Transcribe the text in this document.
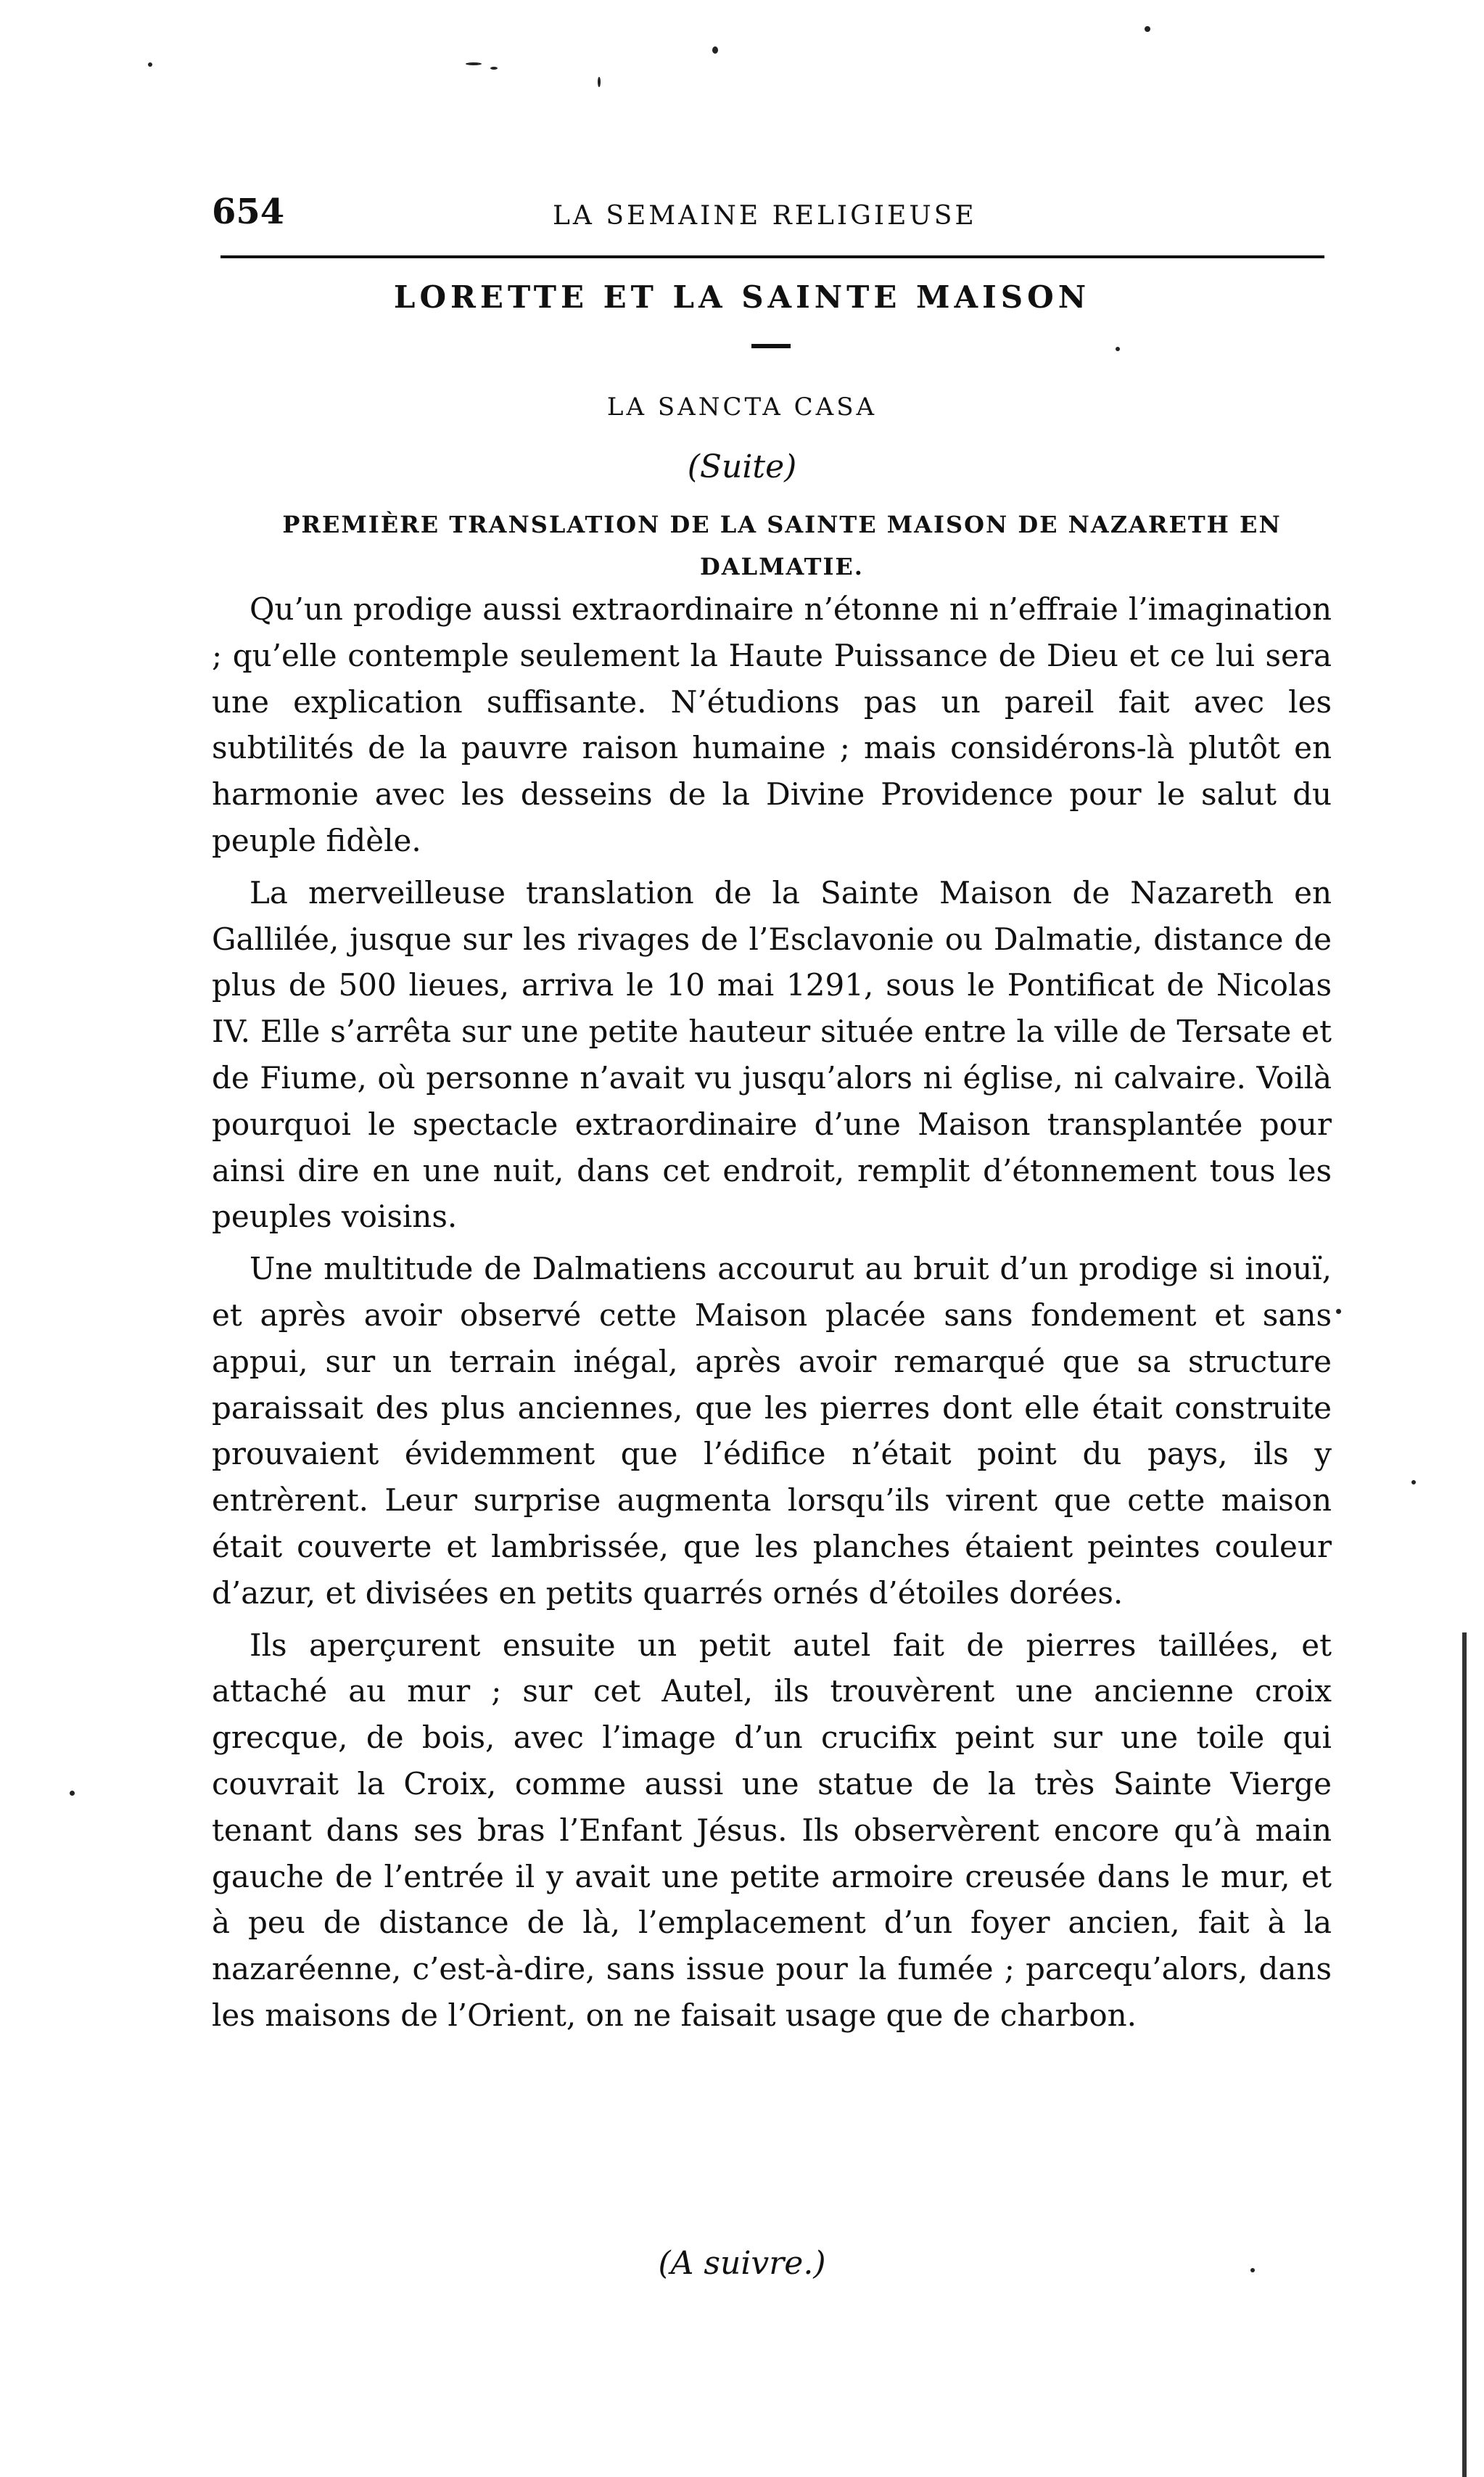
654	LA SEMAINE RELIGIEUSE
LORETTE ET LA SAINTE MAISON
LA SANCTA CASA
(Suite)
PREMIÈRE TRANSLATION DE LA SAINTE MAISON DE NAZARETH EN DALMATIE.

Qu’un prodige aussi extraordinaire n’étonne ni n’effraie l’imagination ; qu’elle contemple seulement la Haute Puissance de Dieu et ce lui sera une explication suffisante. N’étudions pas un pareil fait avec les subtilités de la pauvre raison humaine ; mais considérons-là plutôt en harmonie avec les desseins de la Divine Providence pour le salut du peuple fidèle.

La merveilleuse translation de la Sainte Maison de Nazareth en Gallilée, jusque sur les rivages de l’Esclavonie ou Dalmatie, distance de plus de 500 lieues, arriva le 10 mai 1291, sous le Pontificat de Nicolas IV. Elle s’arrêta sur une petite hauteur située entre la ville de Tersate et de Fiume, où personne n’avait vu jusqu’alors ni église, ni calvaire. Voilà pourquoi le spectacle extraordinaire d’une Maison transplantée pour ainsi dire en une nuit, dans cet endroit, remplit d’étonnement tous les peuples voisins.

Une multitude de Dalmatiens accourut au bruit d’un prodige si inouï, et après avoir observé cette Maison placée sans fondement et sans appui, sur un terrain inégal, après avoir remarqué que sa structure paraissait des plus anciennes, que les pierres dont elle était construite prouvaient évidemment que l’édifice n’était point du pays, ils y entrèrent. Leur surprise augmenta lorsqu’ils virent que cette maison était couverte et lambrissée, que les planches étaient peintes couleur d’azur, et divisées en petits quarrés ornés d’étoiles dorées.

Ils aperçurent ensuite un petit autel fait de pierres taillées, et attaché au mur ; sur cet Autel, ils trouvèrent une ancienne croix grecque, de bois, avec l’image d’un crucifix peint sur une toile qui couvrait la Croix, comme aussi une statue de la très Sainte Vierge tenant dans ses bras l’Enfant Jésus. Ils observèrent encore qu’à main gauche de l’entrée il y avait une petite armoire creusée dans le mur, et à peu de distance de là, l’emplacement d’un foyer ancien, fait à la nazaréenne, c’est-à-dire, sans issue pour la fumée ; parcequ’alors, dans les maisons de l’Orient, on ne faisait usage que de charbon.

(A suivre.)
